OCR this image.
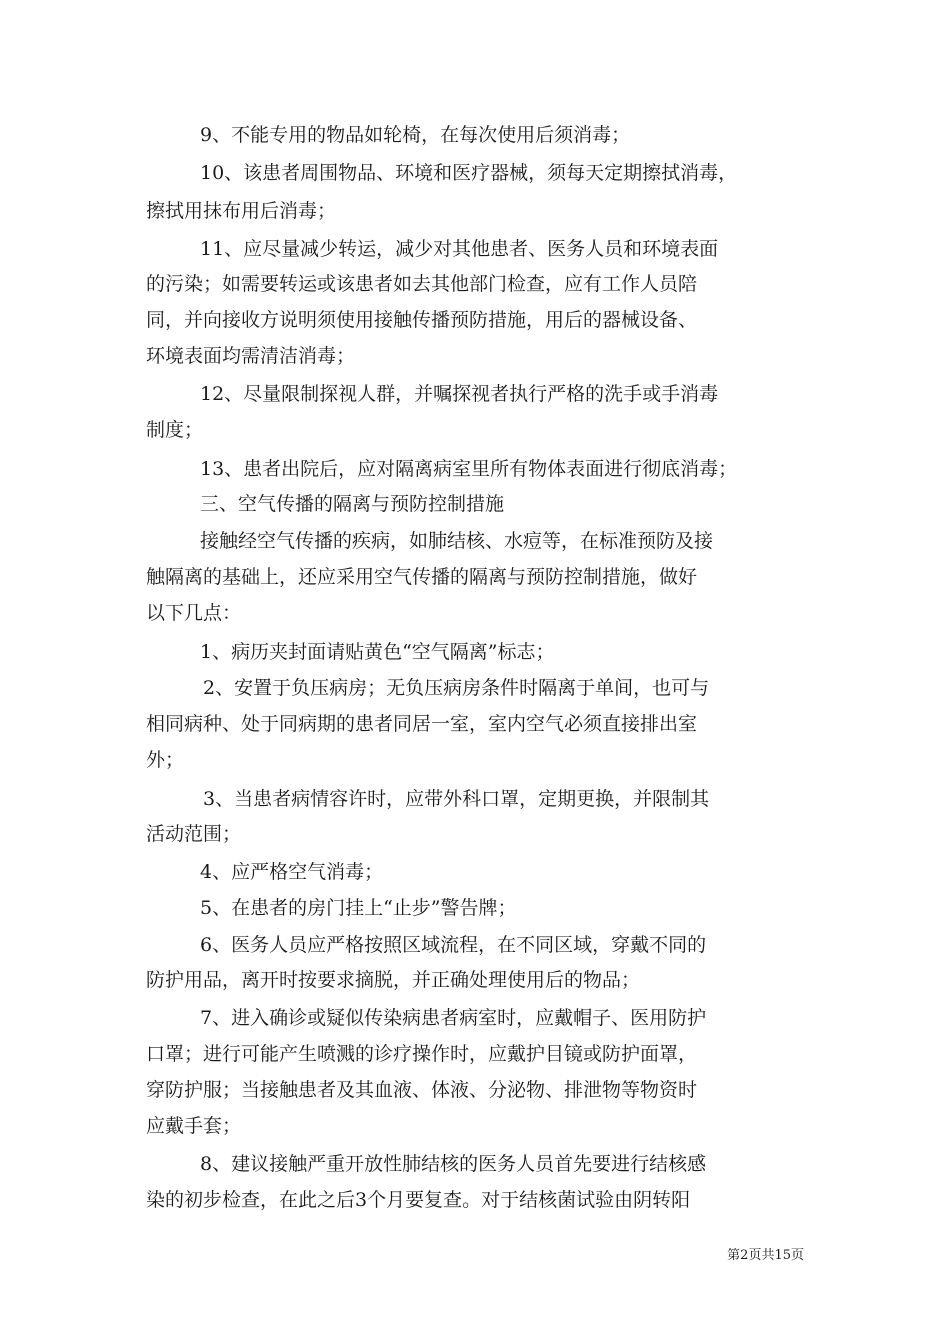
9、不能专用的物品如轮椅，在每次使用后须消毒；
10、该患者周围物品、环境和医疗器械，须每天定期擦拭消毒，
擦拭用抹布用后消毒；
11、应尽量减少转运，减少对其他患者、医务人员和环境表面
的污染；如需要转运或该患者如去其他部门检查，应有工作人员陪
同，并向接收方说明须使用接触传播预防措施，用后的器械设备、
环境表面均需清洁消毒；
12、尽量限制探视人群，并嘱探视者执行严格的洗手或手消毒
制度；
13、患者出院后，应对隔离病室里所有物体表面进行彻底消毒；
三、空气传播的隔离与预防控制措施
接触经空气传播的疾病，如肺结核、水痘等，在标准预防及接
触隔离的基础上，还应采用空气传播的隔离与预防控制措施，做好
以下几点：
1、病历夹封面请贴黄色“空气隔离”标志；
2、安置于负压病房；无负压病房条件时隔离于单间，也可与
相同病种、处于同病期的患者同居一室，室内空气必须直接排出室
外；
3、当患者病情容许时，应带外科口罩，定期更换，并限制其
活动范围；
4、应严格空气消毒；
5、在患者的房门挂上“止步”警告牌；
6、医务人员应严格按照区域流程，在不同区域，穿戴不同的
防护用品，离开时按要求摘脱，并正确处理使用后的物品；
7、进入确诊或疑似传染病患者病室时，应戴帽子、医用防护
口罩；进行可能产生喷溅的诊疗操作时，应戴护目镜或防护面罩，
穿防护服；当接触患者及其血液、体液、分泌物、排泄物等物资时
应戴手套；
8、建议接触严重开放性肺结核的医务人员首先要进行结核感
染的初步检查，在此之后3个月要复查。对于结核菌试验由阴转阳
第2页共15页
